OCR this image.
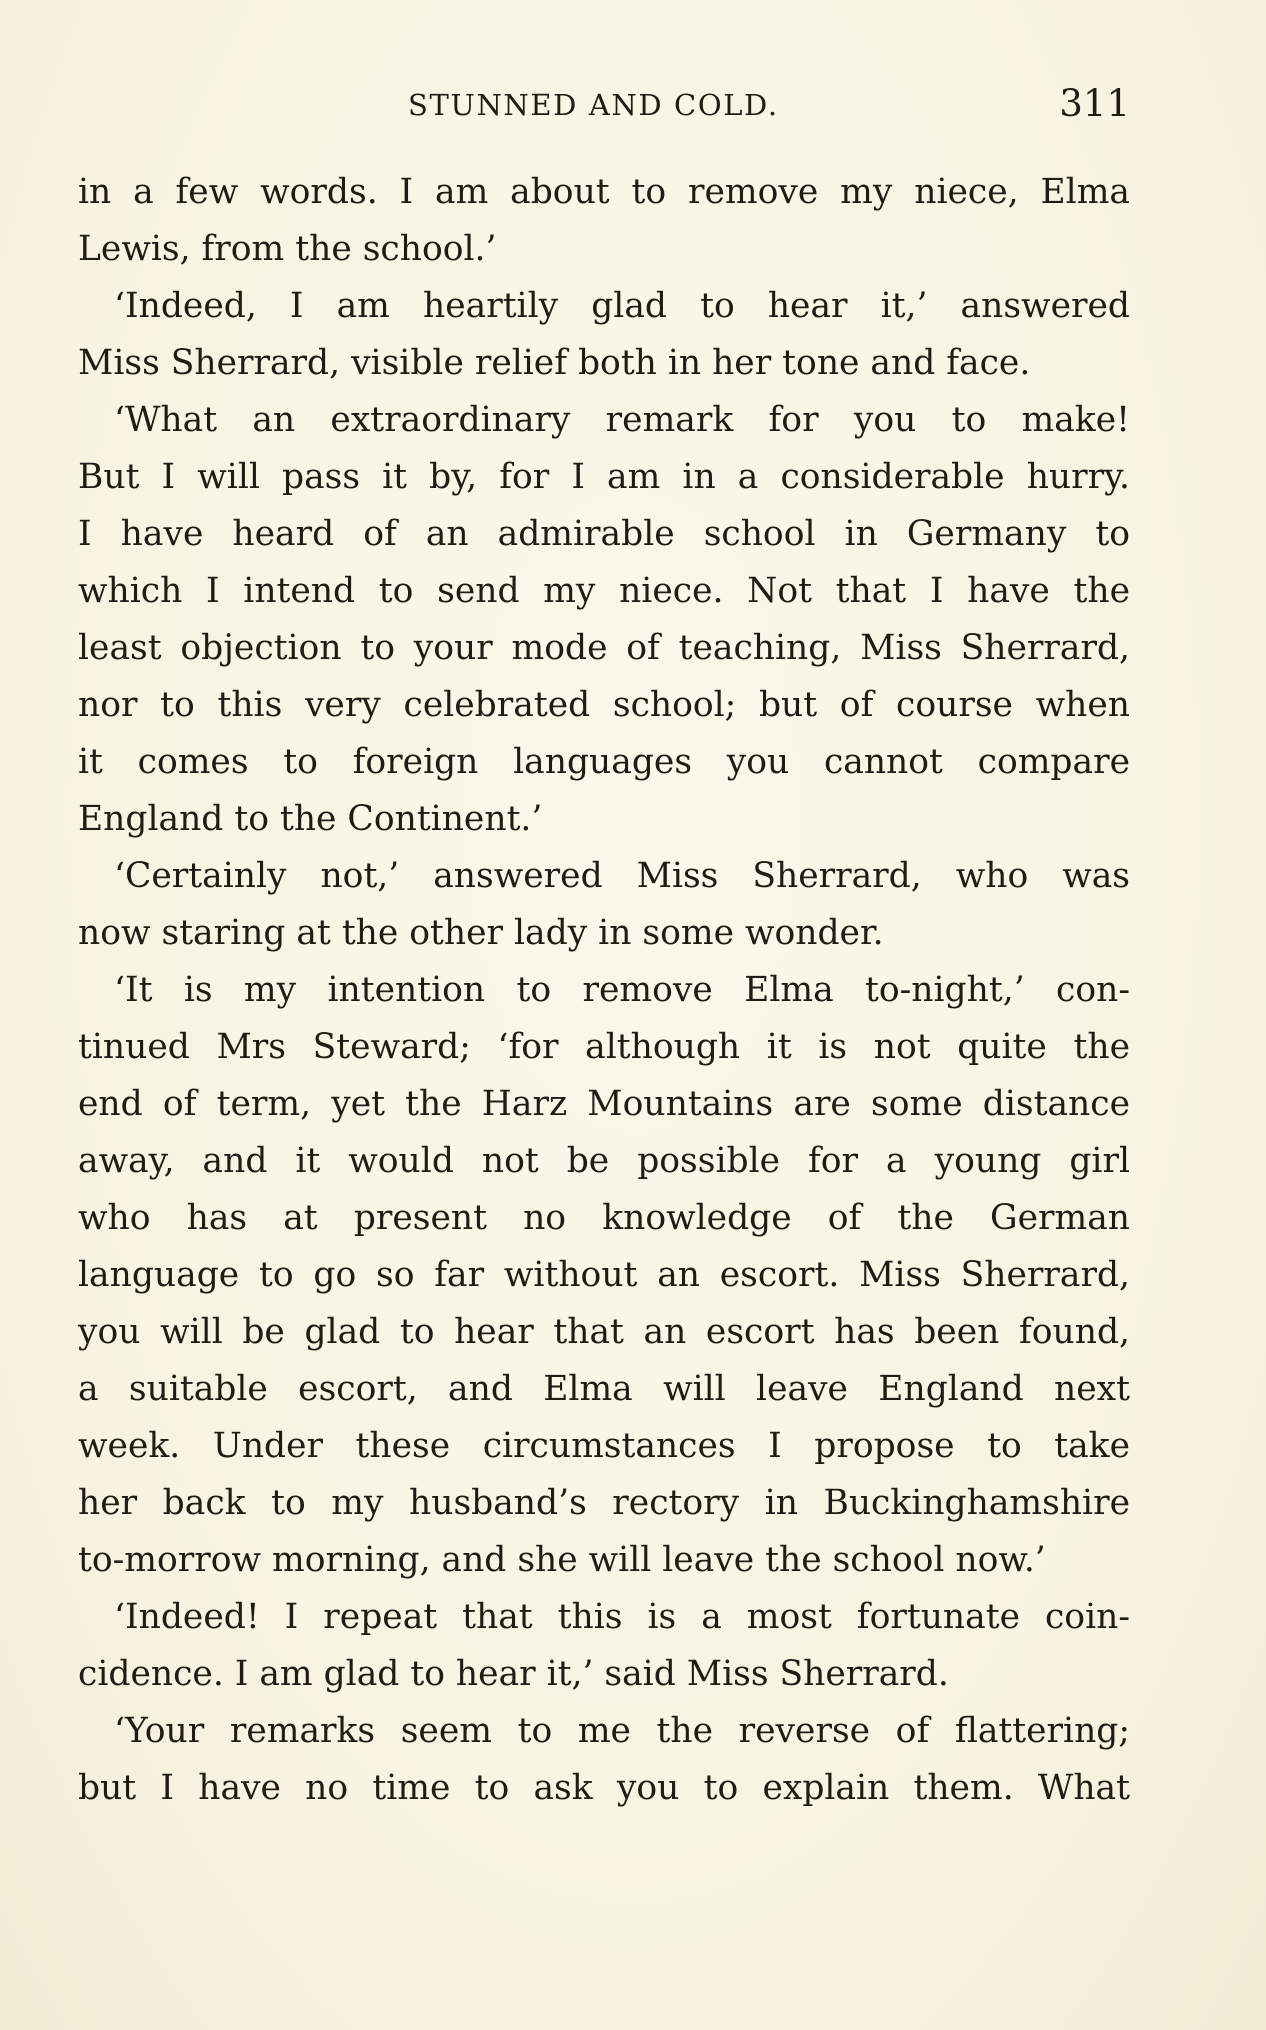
STUNNED AND COLD.	311
in a few words. I am about to remove my niece, Elma
Lewis, from the school.’
‘Indeed, I am heartily glad to hear it,’ answered
Miss Sherrard, visible relief both in her tone and face.
‘What an extraordinary remark for you to make!
But I will pass it by, for I am in a considerable hurry.
I have heard of an admirable school in Germany to
which I intend to send my niece. Not that I have the
least objection to your mode of teaching, Miss Sherrard,
nor to this very celebrated school; but of course when
it comes to foreign languages you cannot compare
England to the Continent.’
‘Certainly not,’ answered Miss Sherrard, who was
now staring at the other lady in some wonder.
‘It is my intention to remove Elma to-night,’ con-
tinued Mrs Steward; ‘for although it is not quite the
end of term, yet the Harz Mountains are some distance
away, and it would not be possible for a young girl
who has at present no knowledge of the German
language to go so far without an escort. Miss Sherrard,
you will be glad to hear that an escort has been found,
a suitable escort, and Elma will leave England next
week. Under these circumstances I propose to take
her back to my husband’s rectory in Buckinghamshire
to-morrow morning, and she will leave the school now.’
‘Indeed! I repeat that this is a most fortunate coin-
cidence. I am glad to hear it,’ said Miss Sherrard.
‘Your remarks seem to me the reverse of flattering;
but I have no time to ask you to explain them. What
